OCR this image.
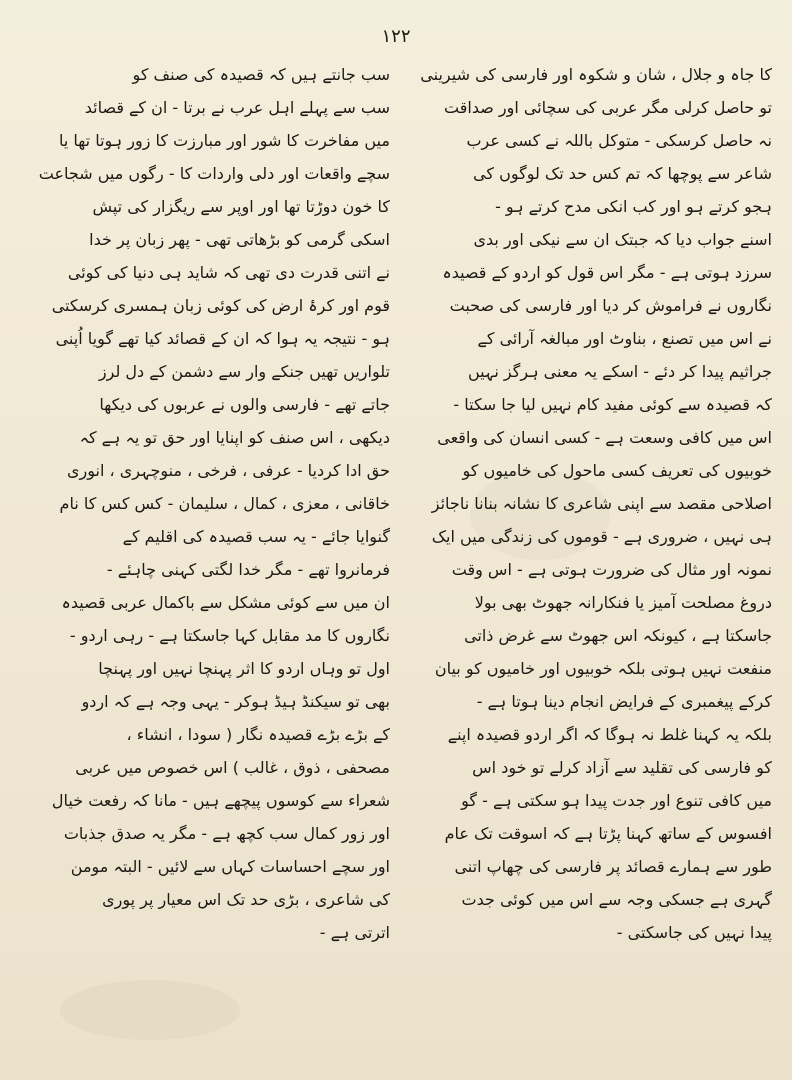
١٢٢
کا جاہ و جلال ، شان و شکوہ اور فارسی کی شیرینی
تو حاصل کرلی مگر عربی کی سچائی اور صداقت
نہ حاصل کرسکی - متوکل باللہ نے کسی عرب
شاعر سے پوچھا کہ تم کس حد تک لوگوں کی
ہجو کرتے ہو اور کب انکی مدح کرتے ہو -
اسنے جواب دیا کہ جبتک ان سے نیکی اور بدی
سرزد ہوتی ہے - مگر اس قول کو اردو کے قصیدہ
نگاروں نے فراموش کر دیا اور فارسی کی صحبت
نے اس میں تصنع ، بناوٹ اور مبالغہ آرائی کے
جراثیم پیدا کر دئے - اسکے یہ معنی ہرگز نہیں
کہ قصیدہ سے کوئی مفید کام نہیں لیا جا سکتا -
اس میں کافی وسعت ہے - کسی انسان کی واقعی
خوبیوں کی تعریف کسی ماحول کی خامیوں کو
اصلاحی مقصد سے اپنی شاعری کا نشانہ بنانا ناجائز
ہی نہیں ، ضروری ہے - قوموں کی زندگی میں ایک
نمونہ اور مثال کی ضرورت ہوتی ہے - اس وقت
دروغ مصلحت آمیز یا فنکارانہ جھوٹ بھی بولا
جاسکتا ہے ، کیونکہ اس جھوٹ سے غرض ذاتی
منفعت نہیں ہوتی بلکہ خوبیوں اور خامیوں کو بیان
کرکے پیغمبری کے فرایض انجام دینا ہوتا ہے -
بلکہ یہ کہنا غلط نہ ہوگا کہ اگر اردو قصیدہ اپنے
کو فارسی کی تقلید سے آزاد کرلے تو خود اس
میں کافی تنوع اور جدت پیدا ہو سکتی ہے - گو
افسوس کے ساتھ کہنا پڑتا ہے کہ اسوقت تک عام
طور سے ہمارے قصائد پر فارسی کی چھاپ اتنی
گہری ہے جسکی وجہ سے اس میں کوئی جدت
پیدا نہیں کی جاسکتی -
سب جانتے ہیں کہ قصیدہ کی صنف کو
سب سے پہلے اہل عرب نے برتا - ان کے قصائد
میں مفاخرت کا شور اور مبارزت کا زور ہوتا تھا یا
سچے واقعات اور دلی واردات کا - رگوں میں شجاعت
کا خون دوڑتا تھا اور اوپر سے ریگزار کی تپش
اسکی گرمی کو بڑھاتی تھی - پھر زبان پر خدا
نے اتنی قدرت دی تھی کہ شاید ہی دنیا کی کوئی
قوم اور کرۂ ارض کی کوئی زبان ہمسری کرسکتی
ہو - نتیجہ یہ ہوا کہ ان کے قصائد کیا تھے گویا اُپنی
تلواریں تھیں جنکے وار سے دشمن کے دل لرز
جاتے تھے - فارسی والوں نے عربوں کی دیکھا
دیکھی ، اس صنف کو اپنایا اور حق تو یہ ہے کہ
حق ادا کردیا - عرفی ، فرخی ، منوچہری ، انوری
خاقانی ، معزی ، کمال ، سلیمان - کس کس کا نام
گنوایا جائے - یہ سب قصیدہ کی اقلیم کے
فرمانروا تھے - مگر خدا لگتی کہنی چاہئے -
ان میں سے کوئی مشکل سے باکمال عربی قصیدہ
نگاروں کا مد مقابل کہا جاسکتا ہے - رہی اردو -
اول تو وہاں اردو کا اثر پہنچا نہیں اور پہنچا
بھی تو سیکنڈ ہیڈ ہوکر - یہی وجہ ہے کہ اردو
کے بڑے بڑے قصیدہ نگار ( سودا ، انشاء ،
مصحفی ، ذوق ، غالب ) اس خصوص میں عربی
شعراء سے کوسوں پیچھے ہیں - مانا کہ رفعت خیال
اور زور کمال سب کچھ ہے - مگر یہ صدق جذبات
اور سچے احساسات کہاں سے لائیں - البتہ مومن
کی شاعری ، بڑی حد تک اس معیار پر پوری
اترتی ہے -
